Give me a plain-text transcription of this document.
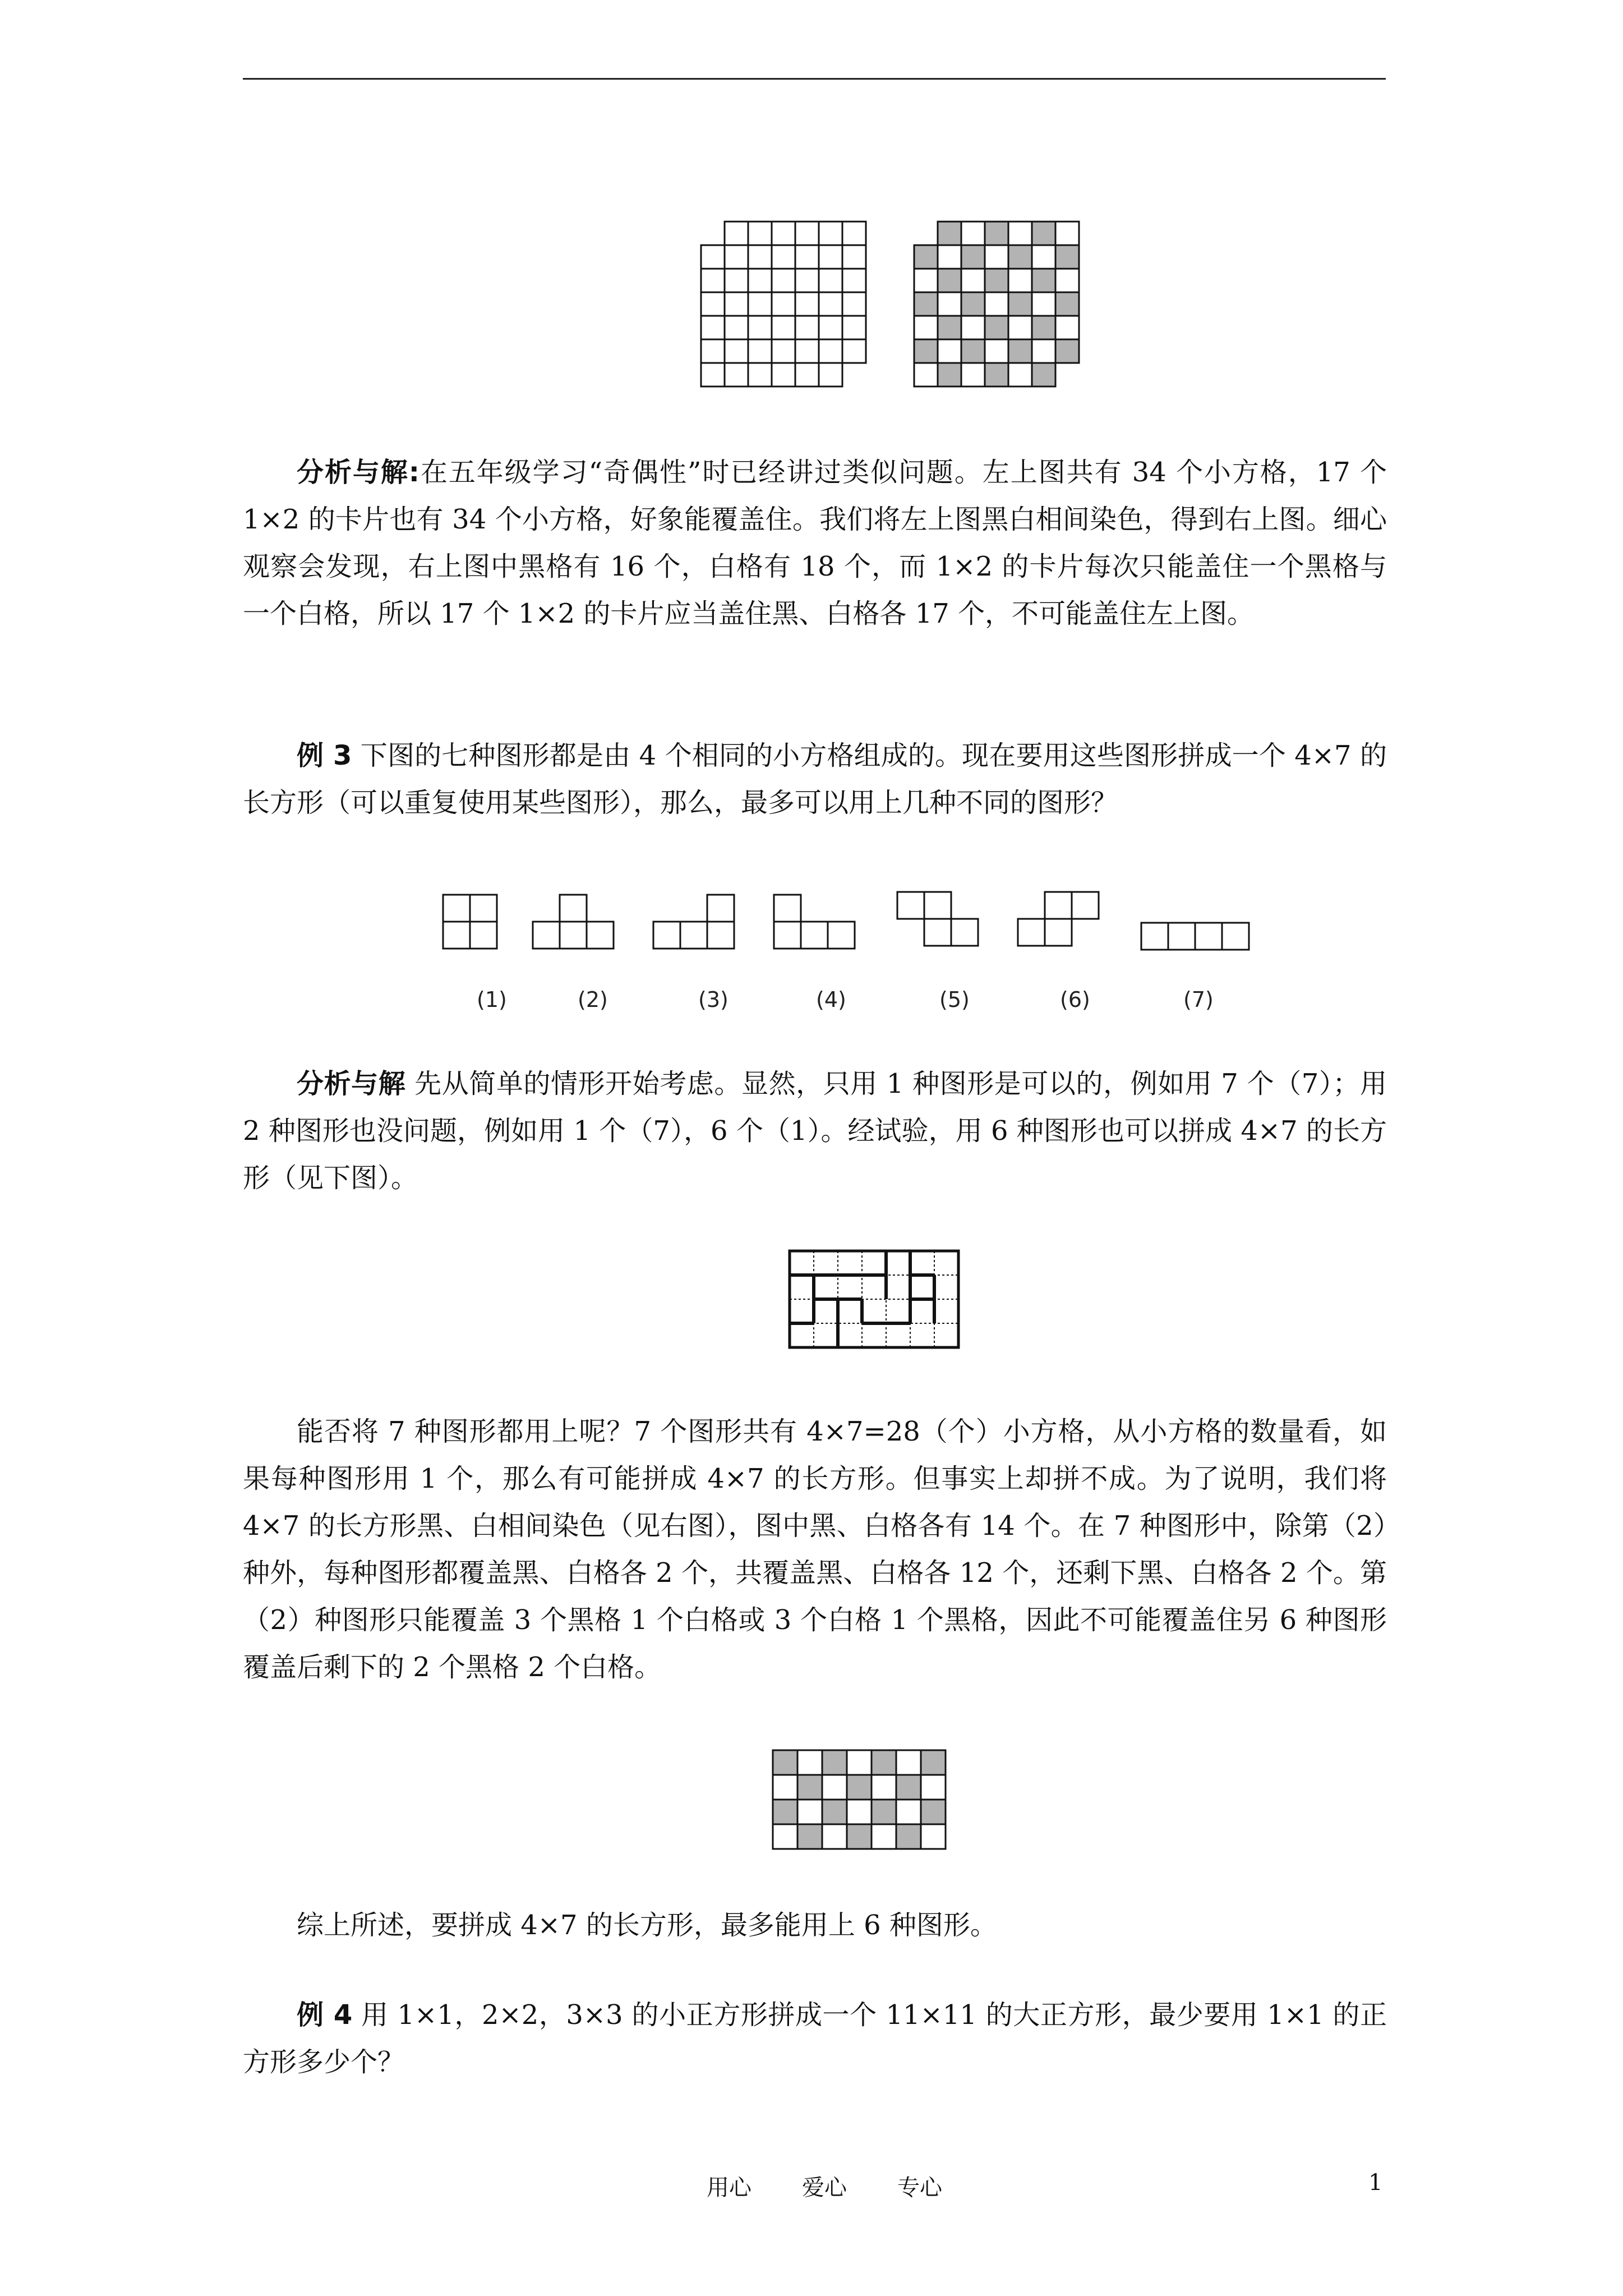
分析与解:在五年级学习“奇偶性”时已经讲过类似问题。左上图共有 34 个小方格，17 个 1×2 的卡片也有 34 个小方格，好象能覆盖住。我们将左上图黑白相间染色，得到右上图。细心观察会发现，右上图中黑格有 16 个，白格有 18 个，而 1×2 的卡片每次只能盖住一个黑格与一个白格，所以 17 个 1×2 的卡片应当盖住黑、白格各 17 个，不可能盖住左上图。

例 3 下图的七种图形都是由 4 个相同的小方格组成的。现在要用这些图形拼成一个 4×7 的长方形（可以重复使用某些图形），那么，最多可以用上几种不同的图形？

(1)	(2)	(3)	(4)	(5)	(6)	(7)

分析与解 先从简单的情形开始考虑。显然，只用 1 种图形是可以的，例如用 7 个（7）；用 2 种图形也没问题，例如用 1 个（7），6 个（1）。经试验，用 6 种图形也可以拼成 4×7 的长方形（见下图）。

能否将 7 种图形都用上呢？7 个图形共有 4×7=28（个）小方格，从小方格的数量看，如果每种图形用 1 个，那么有可能拼成 4×7 的长方形。但事实上却拼不成。为了说明，我们将 4×7 的长方形黑、白相间染色（见右图），图中黑、白格各有 14 个。在 7 种图形中，除第（2）种外，每种图形都覆盖黑、白格各 2 个，共覆盖黑、白格各 12 个，还剩下黑、白格各 2 个。第（2）种图形只能覆盖 3 个黑格 1 个白格或 3 个白格 1 个黑格，因此不可能覆盖住另 6 种图形覆盖后剩下的 2 个黑格 2 个白格。

综上所述，要拼成 4×7 的长方形，最多能用上 6 种图形。

例 4 用 1×1，2×2，3×3 的小正方形拼成一个 11×11 的大正方形，最少要用 1×1 的正方形多少个？

用心 爱心 专心	1
